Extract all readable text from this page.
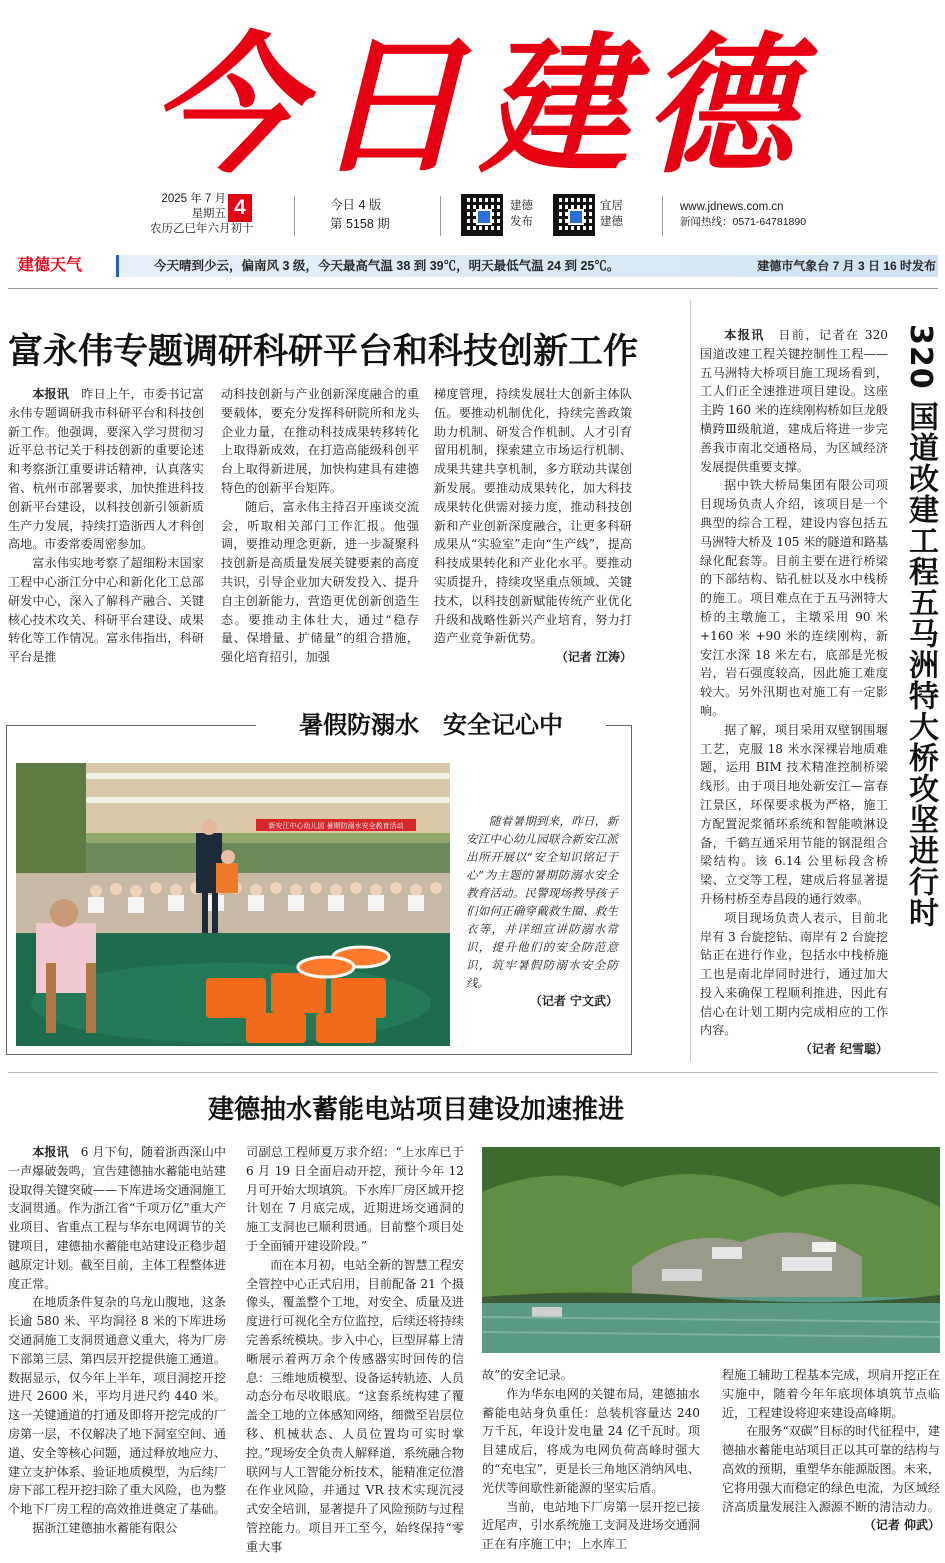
今 日 建 德
2025 年 7 月
星期五
农历乙巳年六月初十
4	今日 4 版
第 5158 期
建德
发布
宜居
建德
www.jdnews.com.cn
新闻热线：0571-64781890
建德天气	今天晴到少云，偏南风 3 级，今天最高气温 38 到 39℃，明天最低气温 24 到 25℃。	建德市气象台 7 月 3 日 16 时发布
富永伟专题调研科研平台和科技创新工作

本报讯　 昨日上午，市委书记富永伟专题调研我市科研平台和科技创新工作。他强调，要深入学习贯彻习近平总书记关于科技创新的重要论述和考察浙江重要讲话精神，认真落实省、杭州市部署要求，加快推进科技创新平台建设，以科技创新引领新质生产力发展，持续打造浙西人才科创高地。市委常委周密参加。

富永伟实地考察了超细粉末国家工程中心浙江分中心和新化化工总部研发中心，深入了解科产融合、关键核心技术攻关、科研平台建设、成果转化等工作情况。富永伟指出，科研平台是推

动科技创新与产业创新深度融合的重要载体，要充分发挥科研院所和龙头企业力量，在推动科技成果转移转化上取得新成效，在打造高能级科创平台上取得新进展，加快构建具有建德特色的创新平台矩阵。

随后，富永伟主持召开座谈交流会，听取相关部门工作汇报。他强调，要推动理念更新，进一步凝聚科技创新是高质量发展关键要素的高度共识，引导企业加大研发投入、提升自主创新能力，营造更优创新创造生态。要推动主体壮大，通过“稳存量、保增量、扩储量”的组合措施，强化培育招引，加强

梯度管理，持续发展壮大创新主体队伍。要推动机制优化，持续完善政策助力机制、研发合作机制、人才引育留用机制，探索建立市场运行机制、成果共建共享机制，多方联动共谋创新发展。要推动成果转化，加大科技成果转化供需对接力度，推动科技创新和产业创新深度融合，让更多科研成果从“实验室”走向“生产线”，提高科技成果转化和产业化水平。要推动实质提升，持续攻坚重点领域、关键技术，以科技创新赋能传统产业优化升级和战略性新兴产业培育，努力打造产业竞争新优势。

（记者 江涛）

本报讯　 日前，记者在 320 国道改建工程关键控制性工程——五马洲特大桥项目施工现场看到，工人们正全速推进项目建设。这座主跨 160 米的连续刚构桥如巨龙般横跨Ⅲ级航道，建成后将进一步完善我市南北交通格局，为区域经济发展提供重要支撑。

据中铁大桥局集团有限公司项目现场负责人介绍，该项目是一个典型的综合工程，建设内容包括五马洲特大桥及 105 米的隧道和路基绿化配套等。目前主要在进行桥梁的下部结构、钻孔桩以及水中栈桥的施工。项目难点在于五马洲特大桥的主墩施工，主墩采用 90 米 +160 米 +90 米的连续刚构，新安江水深 18 米左右，底部是光板岩，岩石强度较高，因此施工难度较大。另外汛期也对施工有一定影响。

据了解，项目采用双壁钢围堰工艺，克服 18 米水深裸岩地质难题，运用 BIM 技术精准控制桥梁线形。由于项目地处新安江—富春江景区，环保要求极为严格，施工方配置泥浆循环系统和智能喷淋设备，千鹤互通采用节能的钢混组合梁结构。该 6.14 公里标段含桥梁、立交等工程，建成后将显著提升杨村桥至寿昌段的通行效率。

项目现场负责人表示，目前北岸有 3 台旋挖钻、南岸有 2 台旋挖钻正在进行作业，包括水中栈桥施工也是南北岸同时进行，通过加大投入来确保工程顺利推进，因此有信心在计划工期内完成相应的工作内容。

（记者 纪雪聪）
320 国道改建工程五马洲特大桥攻坚进行时
暑假防溺水　安全记心中
新安江中心幼儿园 暑期防溺水安全教育活动	随着暑期到来，昨日，新安江中心幼儿园联合新安江派出所开展以“安全知识铭记于心”为主题的暑期防溺水安全教育活动。民警现场教导孩子们如何正确穿戴救生圈、救生衣等，并详细宣讲防溺水常识，提升他们的安全防范意识，筑牢暑假防溺水安全防线。

（记者 宁文武）
建德抽水蓄能电站项目建设加速推进

本报讯　 6 月下旬，随着浙西深山中一声爆破轰鸣，宣告建德抽水蓄能电站建设取得关键突破——下库进场交通洞施工支洞贯通。作为浙江省“千项万亿”重大产业项目、省重点工程与华东电网调节的关键项目，建德抽水蓄能电站建设正稳步超越原定计划。截至目前，主体工程整体进度正常。

在地质条件复杂的乌龙山腹地，这条长逾 580 米、平均洞径 8 米的下库进场交通洞施工支洞贯通意义重大，将为厂房下部第三层、第四层开挖提供施工通道。数据显示，仅今年上半年，项目洞挖开挖进尺 2600 米，平均月进尺约 440 米。这一关键通道的打通及即将开挖完成的厂房第一层，不仅解决了地下洞室空间、通道、安全等核心问题，通过释放地应力、建立支护体系、验证地质模型，为后续厂房下部工程开挖扫除了重大风险，也为整个地下厂房工程的高效推进奠定了基础。

据浙江建德抽水蓄能有限公

司副总工程师夏万求介绍：“上水库已于 6 月 19 日全面启动开挖，预计今年 12 月可开始大坝填筑。下水库厂房区域开挖计划在 7 月底完成，近期进场交通洞的施工支洞也已顺利贯通。目前整个项目处于全面铺开建设阶段。”

而在本月初，电站全新的智慧工程安全管控中心正式启用，目前配备 21 个摄像头，覆盖整个工地，对安全、质量及进度进行可视化全方位监控，后续还将持续完善系统模块。步入中心，巨型屏幕上清晰展示着两万余个传感器实时回传的信息：三维地质模型、设备运转轨迹、人员动态分布尽收眼底。“这套系统构建了覆盖全工地的立体感知网络，细微至岩层位移、机械状态、人员位置均可实时掌控。”现场安全负责人解释道，系统融合物联网与人工智能分析技术，能精准定位潜在作业风险，并通过 VR 技术实现沉浸式安全培训，显著提升了风险预防与过程管控能力。项目开工至今，始终保持“零重大事

故”的安全记录。

作为华东电网的关键布局，建德抽水蓄能电站身负重任：总装机容量达 240 万千瓦，年设计发电量 24 亿千瓦时。项目建成后，将成为电网负荷高峰时强大的“充电宝”，更是长三角地区消纳风电、光伏等间歇性新能源的坚实后盾。

当前，电站地下厂房第一层开挖已接近尾声，引水系统施工支洞及进场交通洞正在有序施工中；上水库工

程施工辅助工程基本完成，坝肩开挖正在实施中，随着今年年底坝体填筑节点临近，工程建设将迎来建设高峰期。

在服务“双碳”目标的时代征程中，建德抽水蓄能电站项目正以其可靠的结构与高效的预期，重塑华东能源版图。未来，它将用强大而稳定的绿色电流，为区域经济高质量发展注入源源不断的清洁动力。

（记者 仰武）
